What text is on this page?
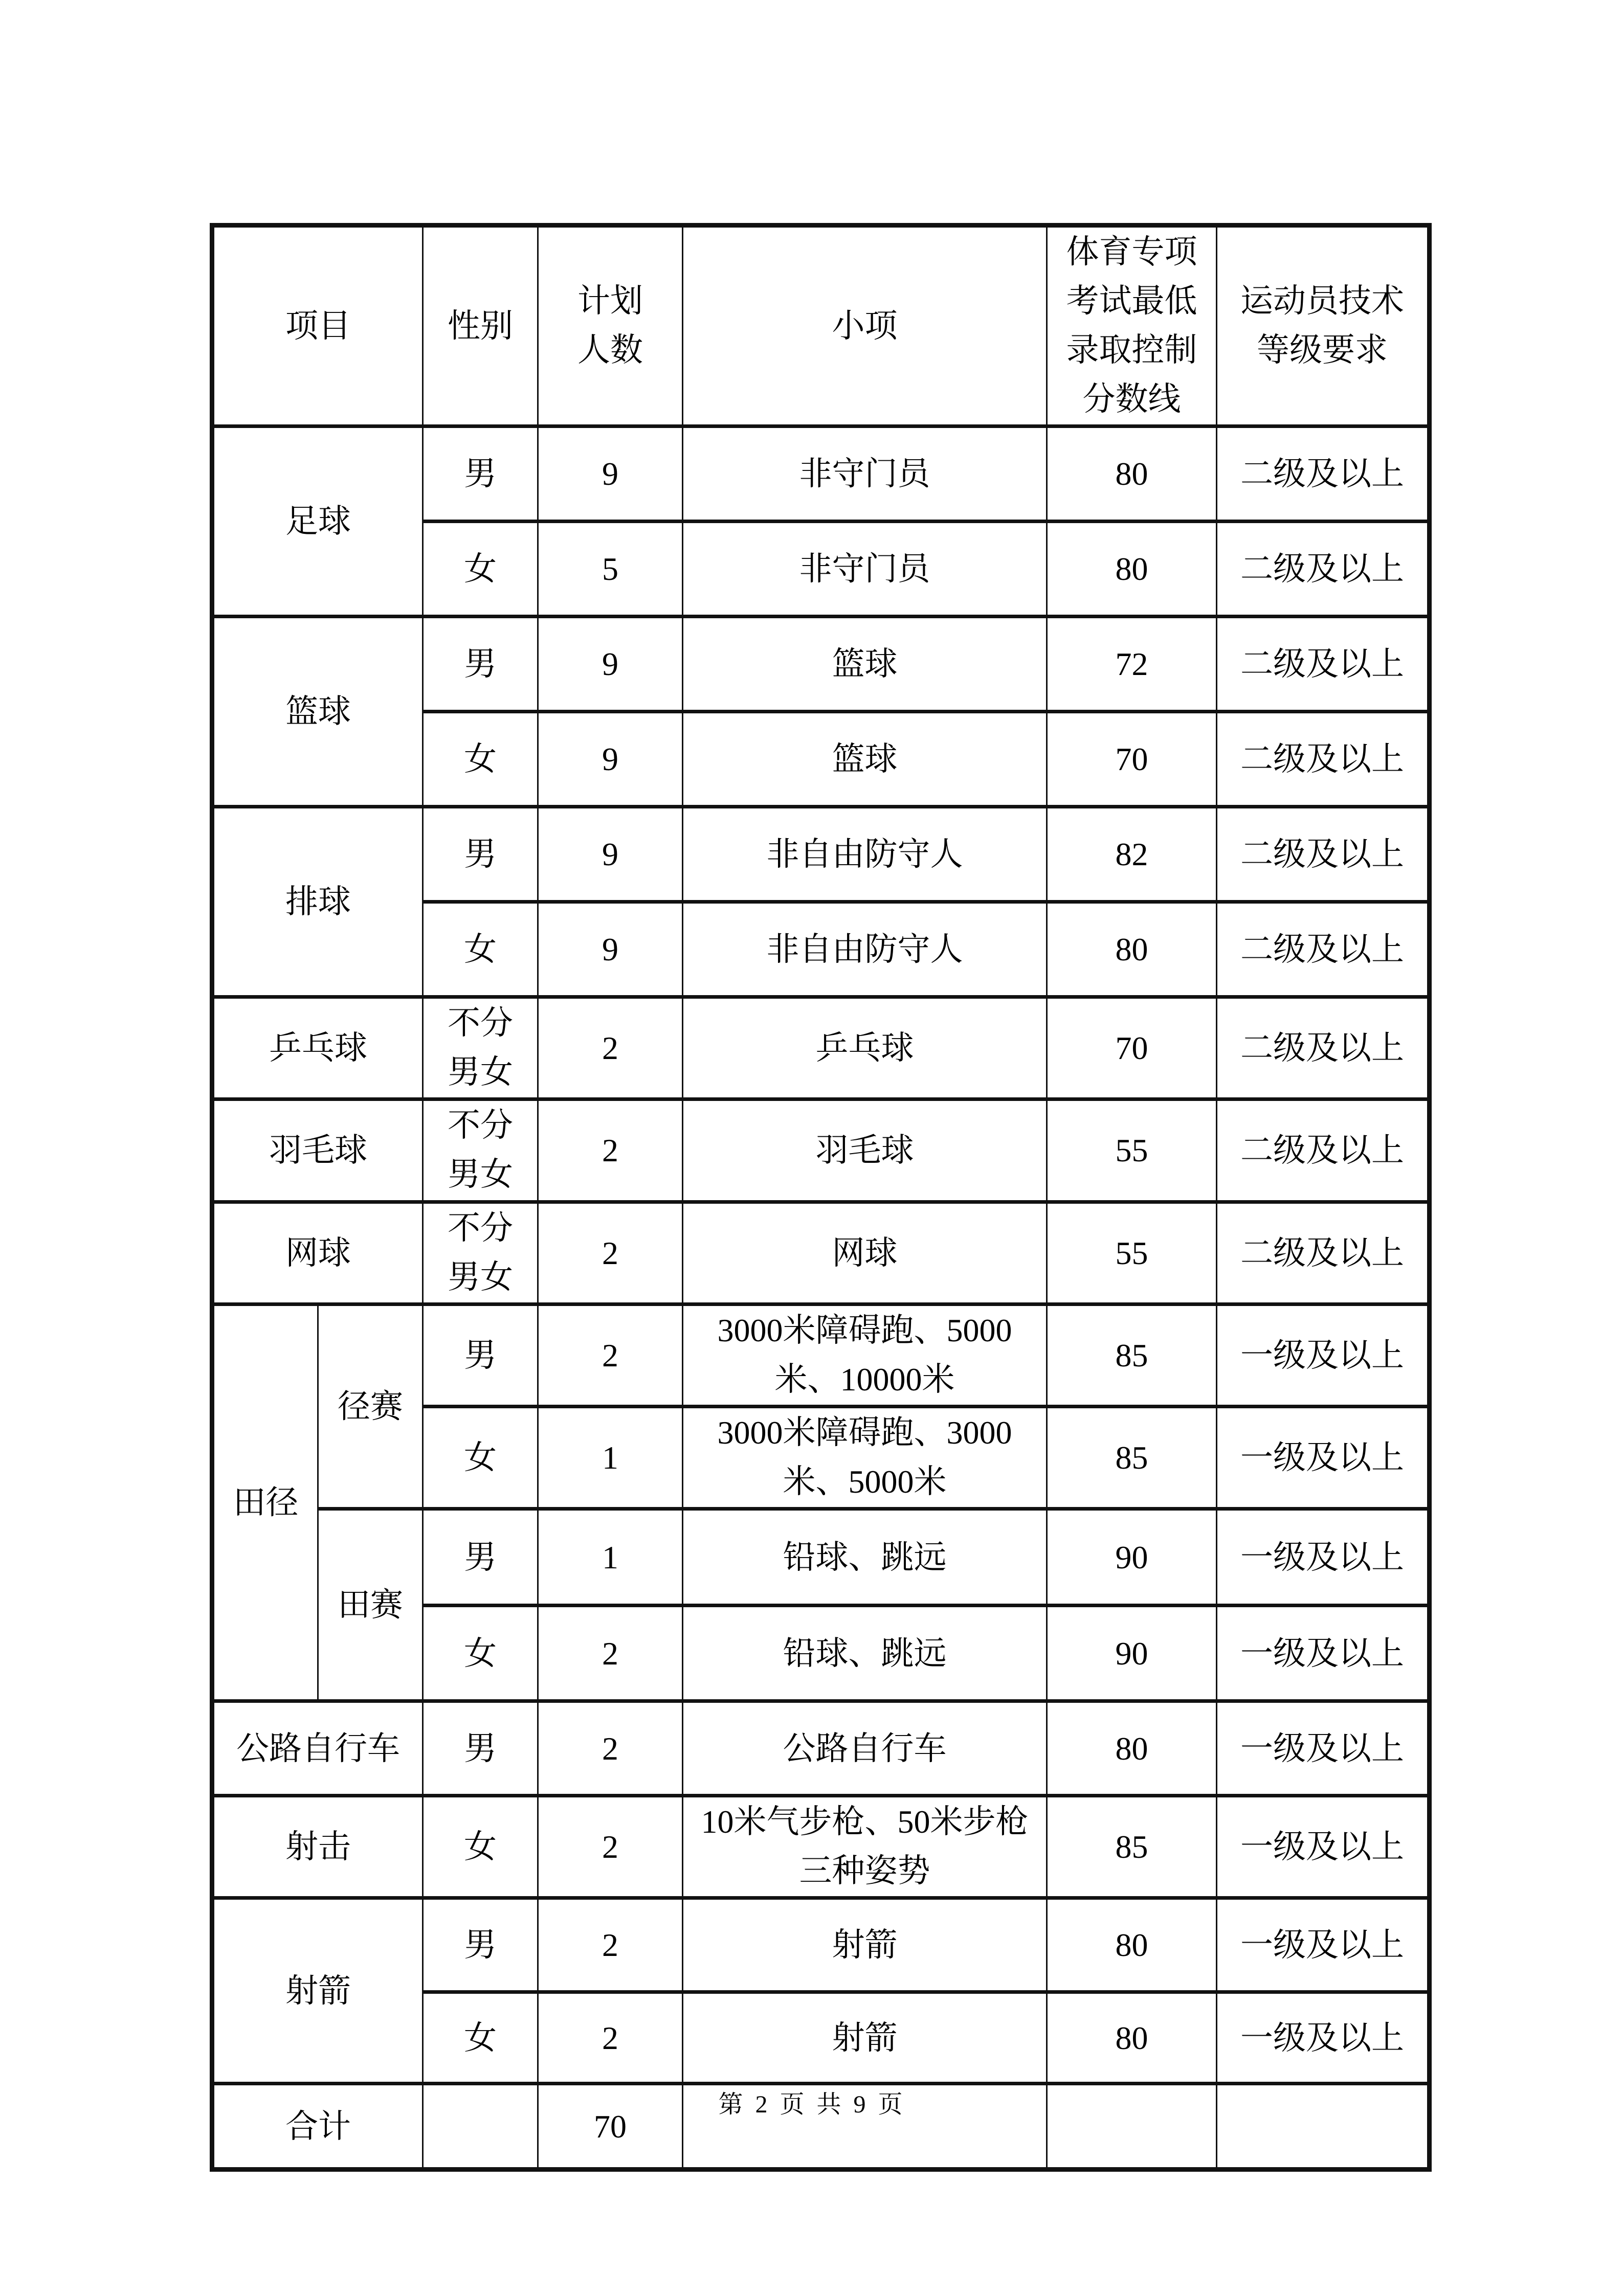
项目		性别	计划人数	小项	体育专项考试最低录取控制分数线	运动员技术等级要求
足球		男	9	非守门员	80	二级及以上
		女	5	非守门员	80	二级及以上
篮球		男	9	篮球	72	二级及以上
		女	9	篮球	70	二级及以上
排球		男	9	非自由防守人	82	二级及以上
		女	9	非自由防守人	80	二级及以上
乒乓球		不分男女	2	乒乓球	70	二级及以上
羽毛球		不分男女	2	羽毛球	55	二级及以上
网球		不分男女	2	网球	55	二级及以上
田径	径赛	男	2	3000米障碍跑、5000米、10000米	85	一级及以上
		女	1	3000米障碍跑、3000米、5000米	85	一级及以上
	田赛	男	1	铅球、跳远	90	一级及以上
		女	2	铅球、跳远	90	一级及以上
公路自行车		男	2	公路自行车	80	一级及以上
射击		女	2	10米气步枪、50米步枪三种姿势	85	一级及以上
射箭		男	2	射箭	80	一级及以上
		女	2	射箭	80	一级及以上
合计			70			
第 2 页 共 9 页
